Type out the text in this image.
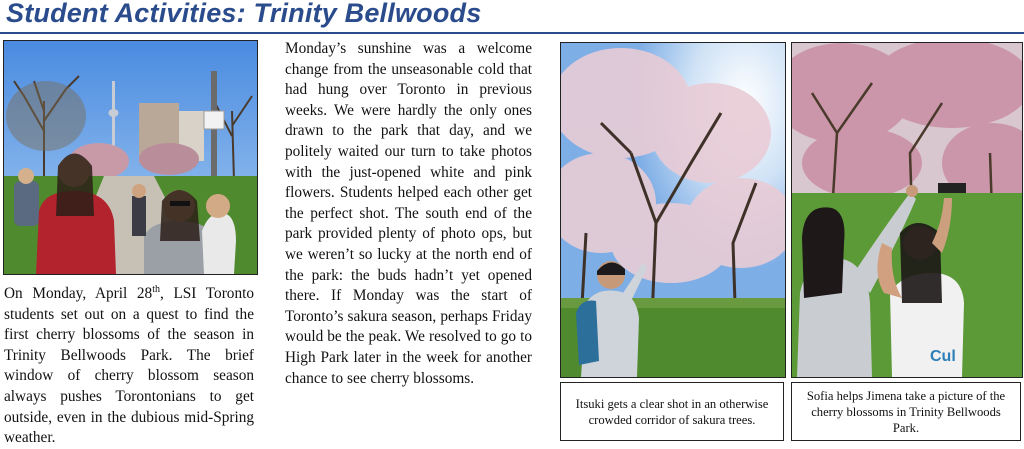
Student Activities: Trinity Bellwoods

On Monday, April 28th, LSI Toronto students set out on a quest to find the first cherry blossoms of the season in Trinity Bellwoods Park. The brief window of cherry blossom season always pushes Torontonians to get outside, even in the dubious mid-Spring weather.

Monday’s sunshine was a welcome change from the unseasonable cold that had hung over Toronto in previous weeks. We were hardly the only ones drawn to the park that day, and we politely waited our turn to take photos with the just-opened white and pink flowers. Students helped each other get the perfect shot. The south end of the park provided plenty of photo ops, but we weren’t so lucky at the north end of the park: the buds hadn’t yet opened there. If Monday was the start of Toronto’s sakura season, perhaps Friday would be the peak. We resolved to go to High Park later in the week for another chance to see cherry blossoms.

Cul
Itsuki gets a clear shot in an otherwise crowded corridor of sakura trees.
Sofia helps Jimena take a picture of the cherry blossoms in Trinity Bellwoods Park.
